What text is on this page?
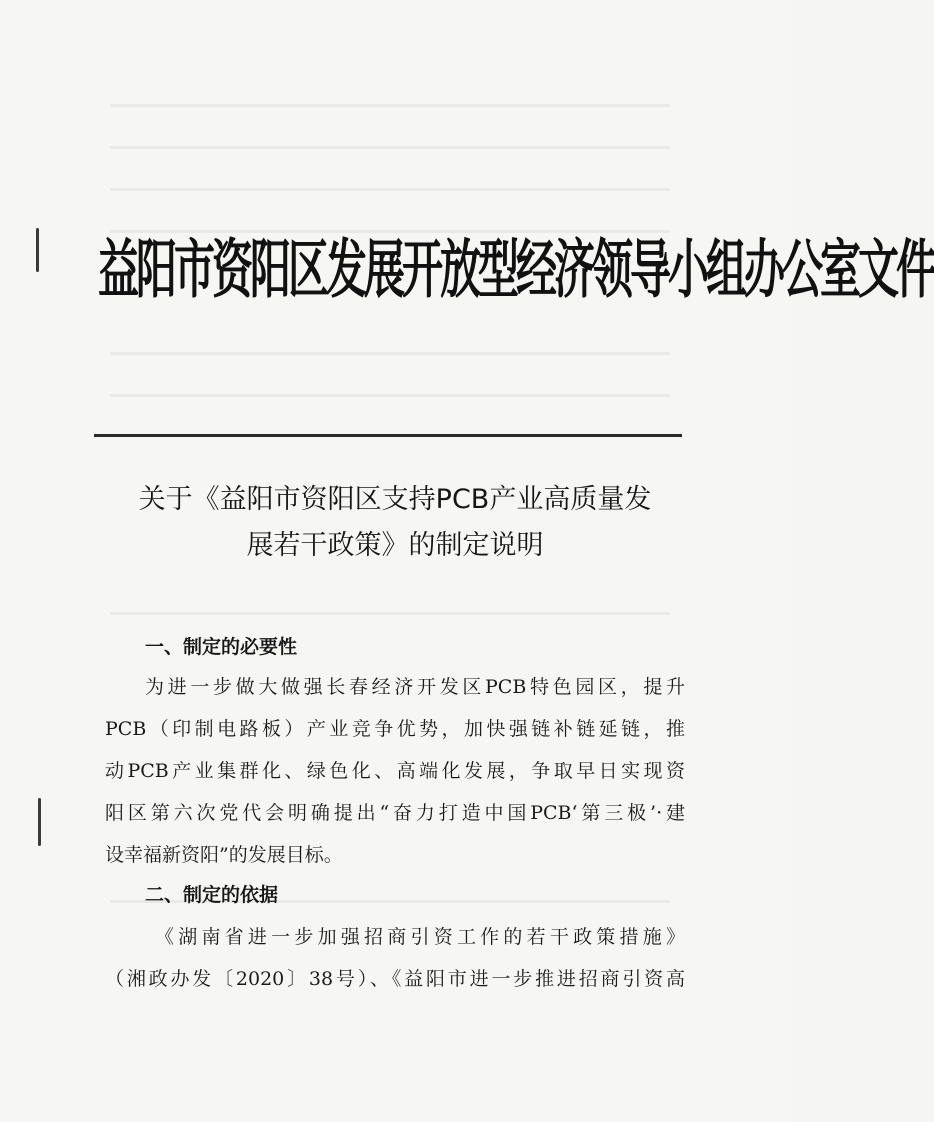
益阳市资阳区发展开放型经济领导小组办公室文件
关于《益阳市资阳区支持PCB产业高质量发
展若干政策》的制定说明
一、制定的必要性
为进一步做大做强长春经济开发区PCB特色园区，提升
PCB（印制电路板）产业竞争优势，加快强链补链延链，推
动PCB产业集群化、绿色化、高端化发展，争取早日实现资
阳区第六次党代会明确提出“奋力打造中国PCB‘第三极’·建
设幸福新资阳”的发展目标。
二、制定的依据
《湖南省进一步加强招商引资工作的若干政策措施》
（湘政办发〔2020〕38号）、《益阳市进一步推进招商引资高
